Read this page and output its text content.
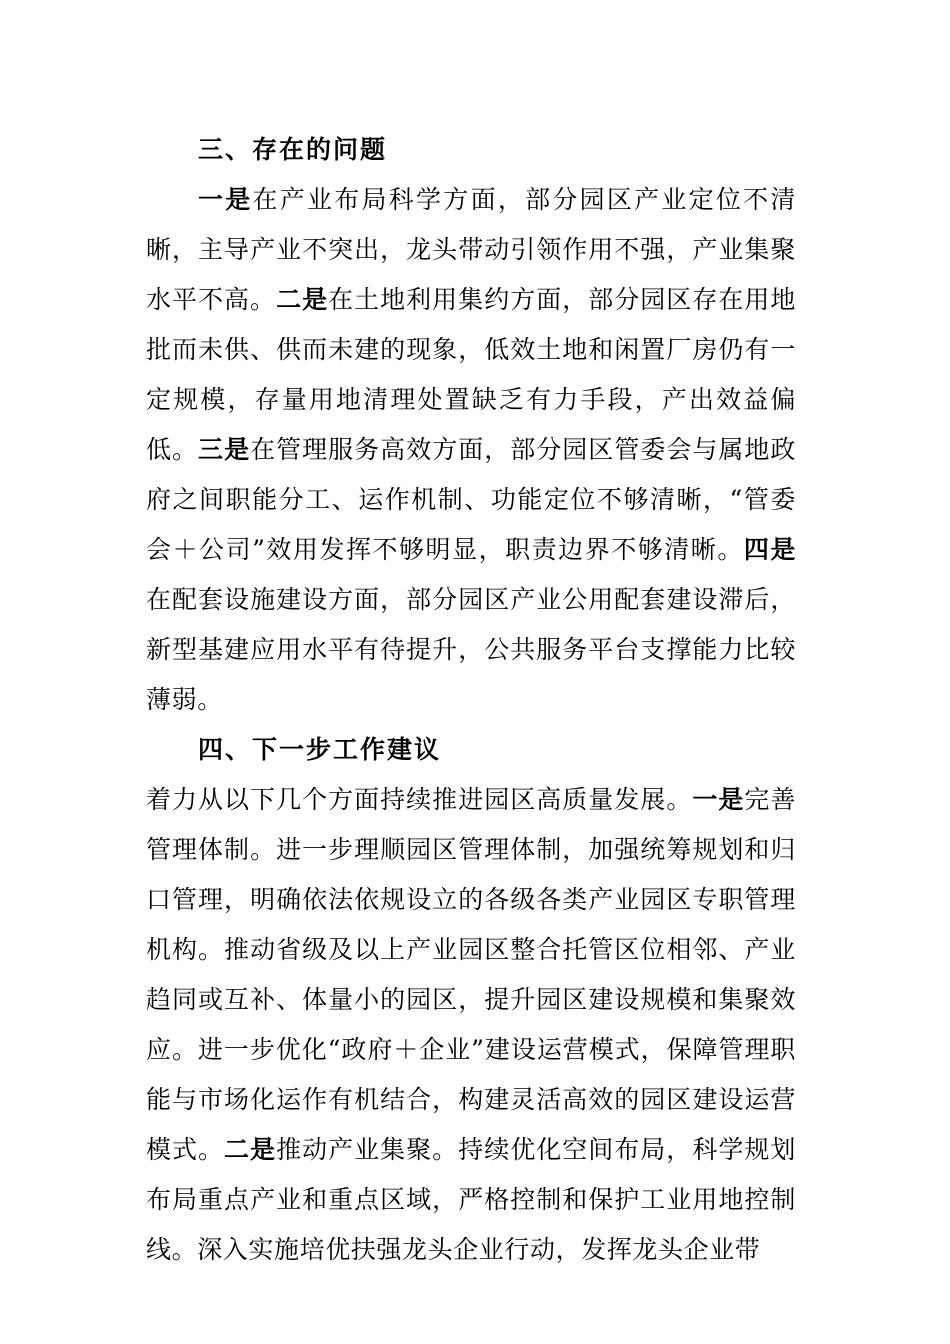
三、存在的问题

一是在产业布局科学方面，部分园区产业定位不清晰，主导产业不突出，龙头带动引领作用不强，产业集聚水平不高。二是在土地利用集约方面，部分园区存在用地批而未供、供而未建的现象，低效土地和闲置厂房仍有一定规模，存量用地清理处置缺乏有力手段，产出效益偏低。三是在管理服务高效方面，部分园区管委会与属地政府之间职能分工、运作机制、功能定位不够清晰，“管委会＋公司”效用发挥不够明显，职责边界不够清晰。四是在配套设施建设方面，部分园区产业公用配套建设滞后，新型基建应用水平有待提升，公共服务平台支撑能力比较薄弱。

四、下一步工作建议

着力从以下几个方面持续推进园区高质量发展。一是完善管理体制。进一步理顺园区管理体制，加强统筹规划和归口管理，明确依法依规设立的各级各类产业园区专职管理机构。推动省级及以上产业园区整合托管区位相邻、产业趋同或互补、体量小的园区，提升园区建设规模和集聚效应。进一步优化“政府＋企业”建设运营模式，保障管理职能与市场化运作有机结合，构建灵活高效的园区建设运营模式。二是推动产业集聚。持续优化空间布局，科学规划布局重点产业和重点区域，严格控制和保护工业用地控制线。深入实施培优扶强龙头企业行动，发挥龙头企业带
